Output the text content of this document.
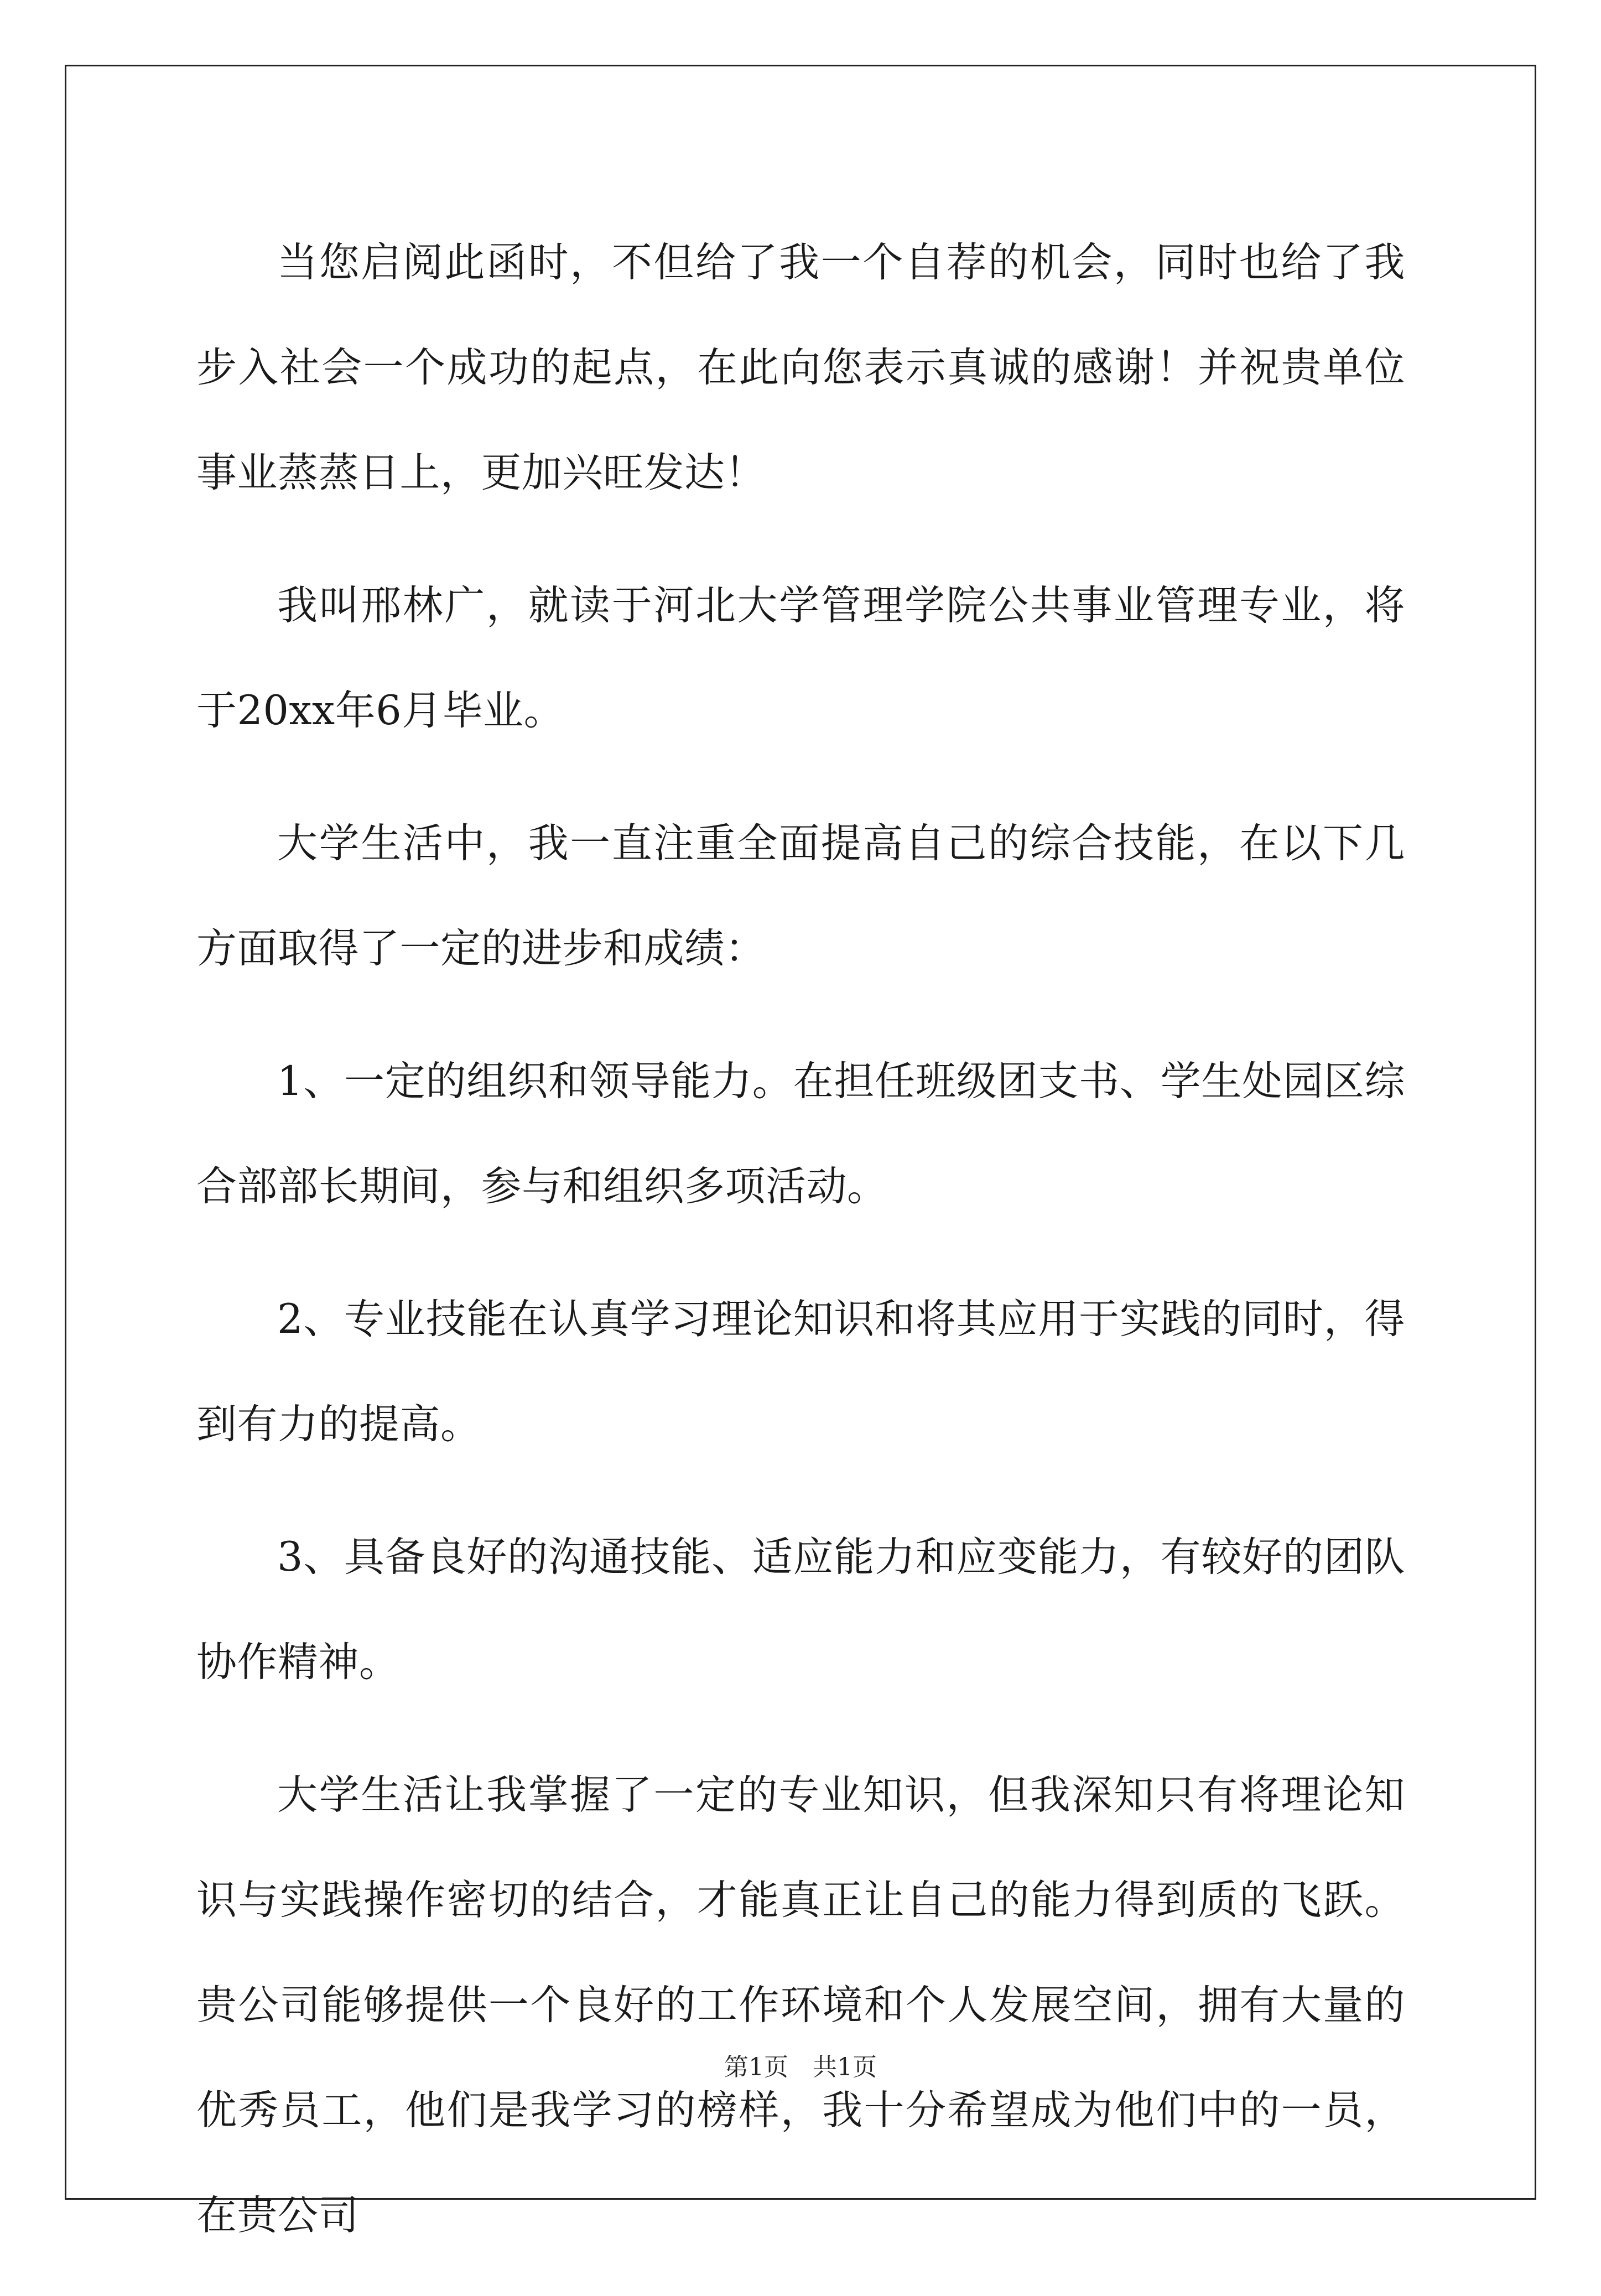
当您启阅此函时，不但给了我一个自荐的机会，同时也给了我步入社会一个成功的起点，在此向您表示真诚的感谢！并祝贵单位事业蒸蒸日上，更加兴旺发达！

我叫邢林广，就读于河北大学管理学院公共事业管理专业，将于20xx年6月毕业。

大学生活中，我一直注重全面提高自己的综合技能，在以下几方面取得了一定的进步和成绩：

1、一定的组织和领导能力。在担任班级团支书、学生处园区综合部部长期间，参与和组织多项活动。

2、专业技能在认真学习理论知识和将其应用于实践的同时，得到有力的提高。

3、具备良好的沟通技能、适应能力和应变能力，有较好的团队协作精神。

大学生活让我掌握了一定的专业知识，但我深知只有将理论知识与实践操作密切的结合，才能真正让自己的能力得到质的飞跃。贵公司能够提供一个良好的工作环境和个人发展空间，拥有大量的优秀员工，他们是我学习的榜样，我十分希望成为他们中的一员，在贵公司

第1页　共1页
